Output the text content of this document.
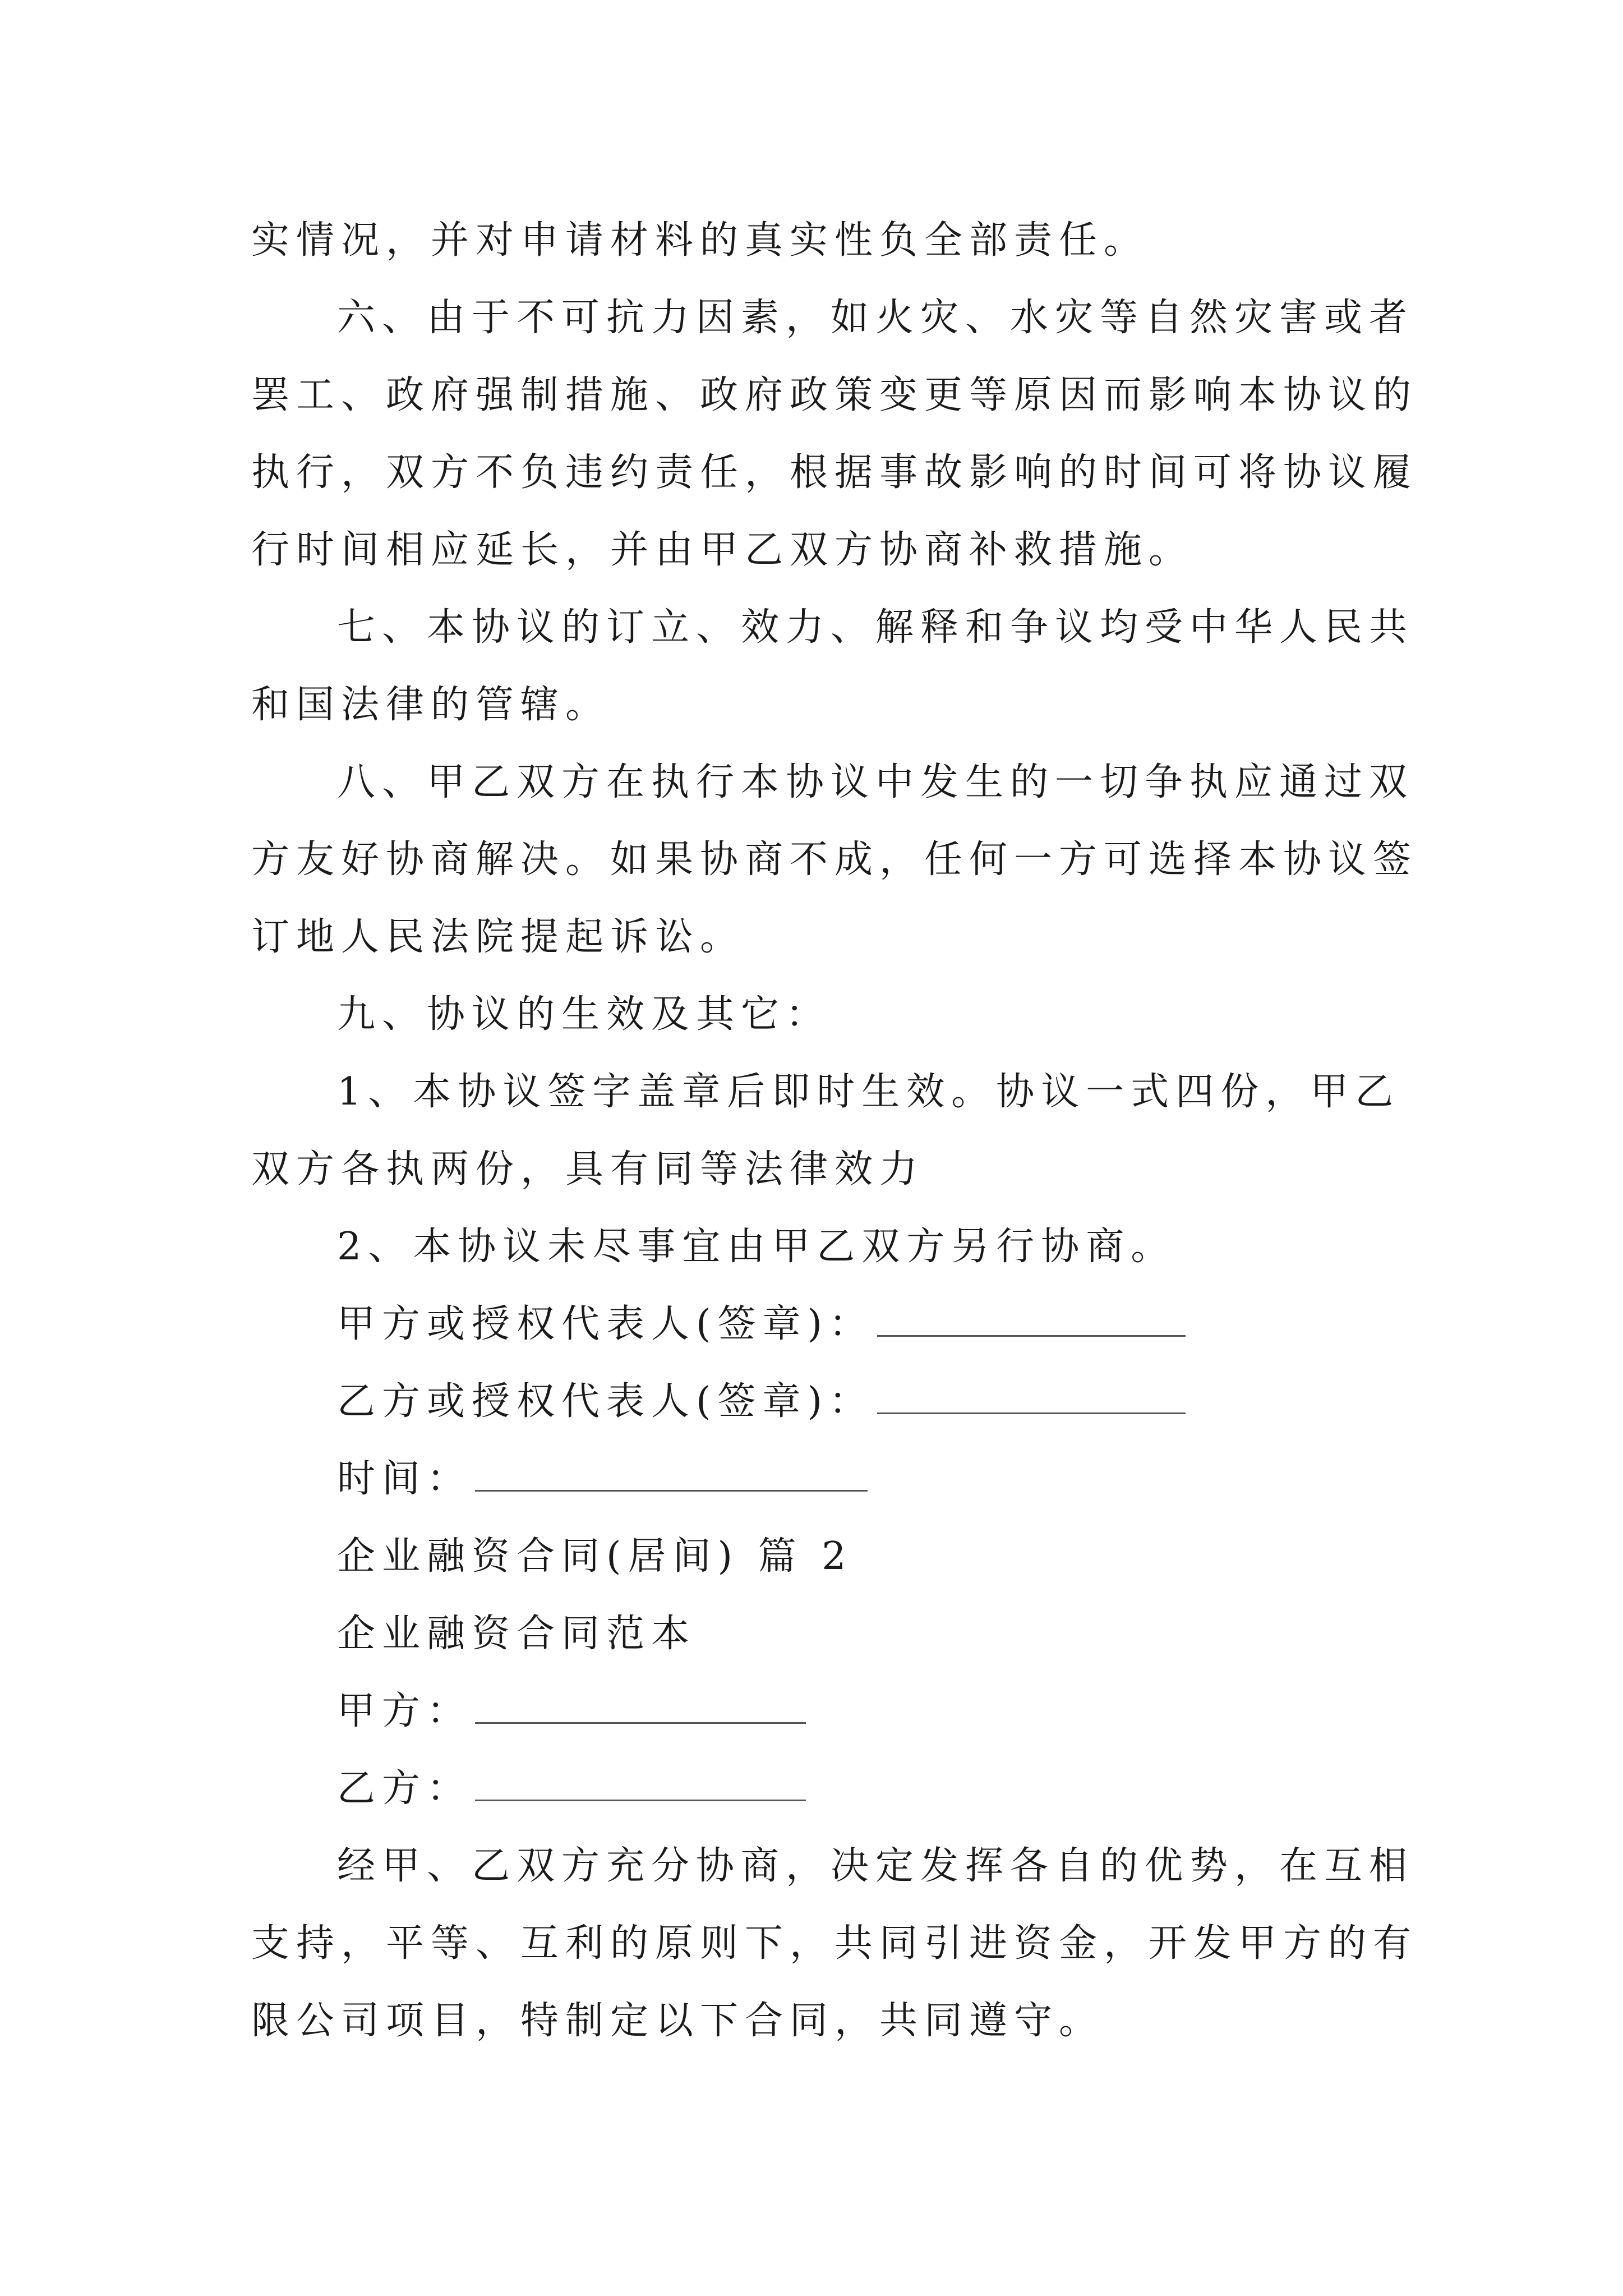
实情况，并对申请材料的真实性负全部责任。
六、由于不可抗力因素，如火灾、水灾等自然灾害或者
罢工、政府强制措施、政府政策变更等原因而影响本协议的
执行，双方不负违约责任，根据事故影响的时间可将协议履
行时间相应延长，并由甲乙双方协商补救措施。
七、本协议的订立、效力、解释和争议均受中华人民共
和国法律的管辖。
八、甲乙双方在执行本协议中发生的一切争执应通过双
方友好协商解决。如果协商不成，任何一方可选择本协议签
订地人民法院提起诉讼。
九、协议的生效及其它：
1、本协议签字盖章后即时生效。协议一式四份，甲乙
双方各执两份，具有同等法律效力
2、本协议未尽事宜由甲乙双方另行协商。
甲方或授权代表人(签章)：
乙方或授权代表人(签章)：
时间：
企业融资合同(居间) 篇 2
企业融资合同范本
甲方：
乙方：
经甲、乙双方充分协商，决定发挥各自的优势，在互相
支持，平等、互利的原则下，共同引进资金，开发甲方的有
限公司项目，特制定以下合同，共同遵守。
